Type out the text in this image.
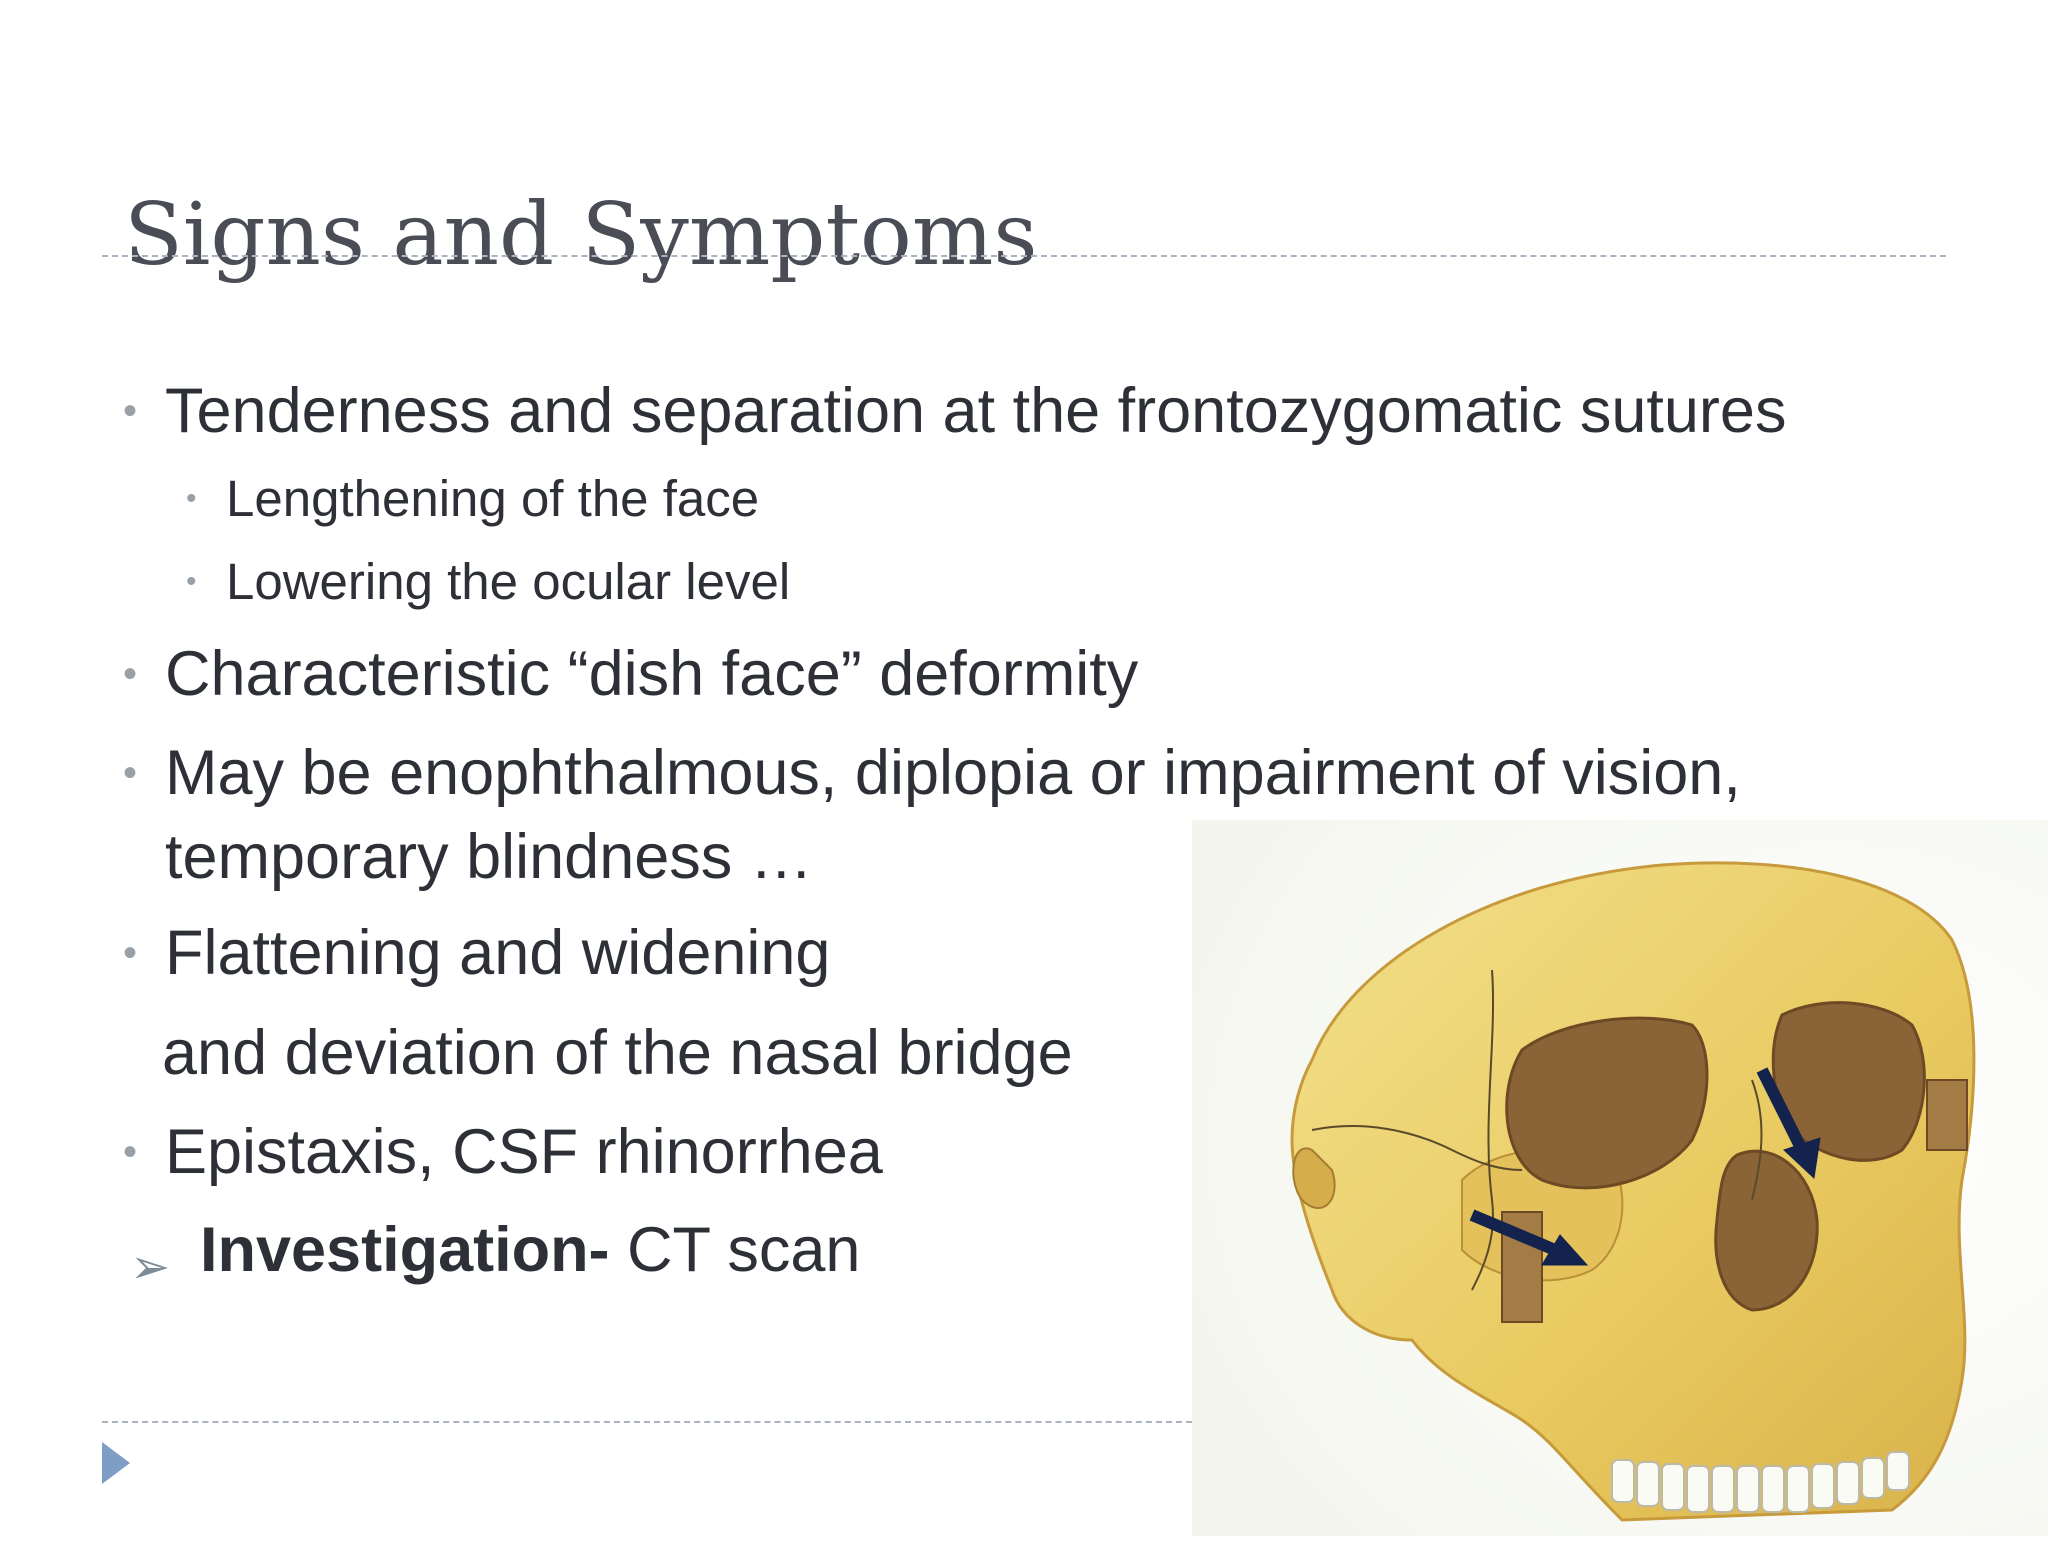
Signs and Symptoms
• Tenderness and separation at the frontozygomatic sutures
• Lengthening of the face
• Lowering the ocular level
• Characteristic “dish face” deformity
• May be enophthalmous, diplopia or impairment of vision,
temporary blindness …
• Flattening and widening
and deviation of the nasal bridge
• Epistaxis, CSF rhinorrhea
➢ Investigation- CT scan
